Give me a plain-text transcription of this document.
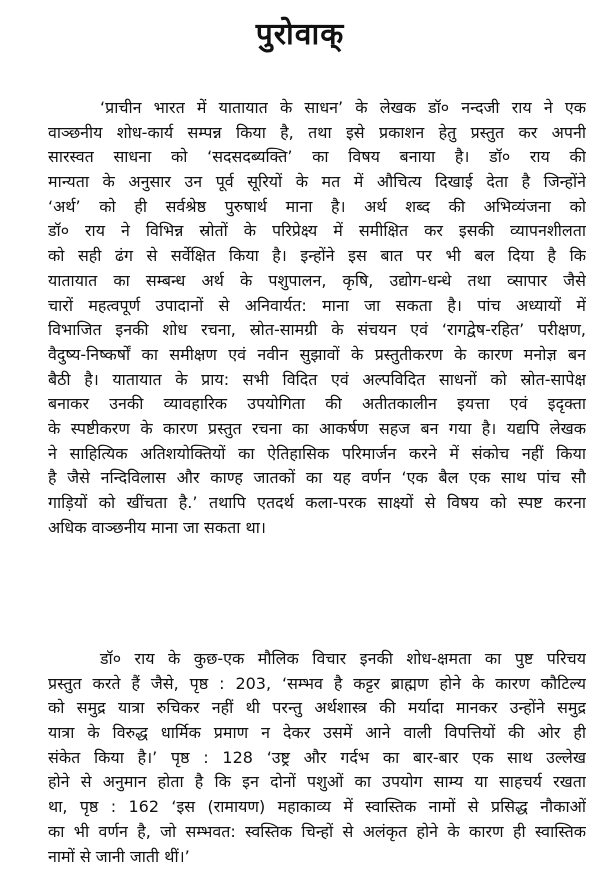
पुरोवाक्
‘प्राचीन भारत में यातायात के साधन’ के लेखक डॉ० नन्दजी राय ने एक
वाञ्छनीय शोध-कार्य सम्पन्न किया है, तथा इसे प्रकाशन हेतु प्रस्तुत कर अपनी
सारस्वत साधना को ‘सदसदब्यक्ति’ का विषय बनाया है। डॉ० राय की
मान्यता के अनुसार उन पूर्व सूरियों के मत में औचित्य दिखाई देता है जिन्होंने
‘अर्थ’ को ही सर्वश्रेष्ठ पुरुषार्थ माना है। अर्थ शब्द की अभिव्यंजना को
डॉ० राय ने विभिन्न स्रोतों के परिप्रेक्ष्य में समीक्षित कर इसकी व्यापनशीलता
को सही ढंग से सर्वेक्षित किया है। इन्होंने इस बात पर भी बल दिया है कि
यातायात का सम्बन्ध अर्थ के पशुपालन, कृषि, उद्योग-धन्धे तथा व्सापार जैसे
चारों महत्वपूर्ण उपादानों से अनिवार्यत: माना जा सकता है। पांच अध्यायों में
विभाजित इनकी शोध रचना, स्रोत-सामग्री के संचयन एवं ‘रागद्वेष-रहित’ परीक्षण,
वैदुष्य-निष्कर्षों का समीक्षण एवं नवीन सुझावों के प्रस्तुतीकरण के कारण मनोज्ञ बन
बैठी है। यातायात के प्राय: सभी विदित एवं अल्पविदित साधनों को स्रोत-सापेक्ष
बनाकर उनकी व्यावहारिक उपयोगिता की अतीतकालीन इयत्ता एवं इदृक्ता
के स्पष्टीकरण के कारण प्रस्तुत रचना का आकर्षण सहज बन गया है। यद्यपि लेखक
ने साहित्यिक अतिशयोक्तियों का ऐतिहासिक परिमार्जन करने में संकोच नहीं किया
है जैसे नन्दिविलास और काण्ह जातकों का यह वर्णन ‘एक बैल एक साथ पांच सौ
गाड़ियों को खींचता है.’ तथापि एतदर्थ कला-परक साक्ष्यों से विषय को स्पष्ट करना
अधिक वाञ्छनीय माना जा सकता था।
डॉ० राय के कुछ-एक मौलिक विचार इनकी शोध-क्षमता का पुष्ट परिचय
प्रस्तुत करते हैं जैसे, पृष्ठ : 203, ‘सम्भव है कट्टर ब्राह्मण होने के कारण कौटिल्य
को समुद्र यात्रा रुचिकर नहीं थी परन्तु अर्थशास्त्र की मर्यादा मानकर उन्होंने समुद्र
यात्रा के विरुद्ध धार्मिक प्रमाण न देकर उसमें आने वाली विपत्तियों की ओर ही
संकेत किया है।’ पृष्ठ : 128 ‘उष्ट्र और गर्दभ का बार-बार एक साथ उल्लेख
होने से अनुमान होता है कि इन दोनों पशुओं का उपयोग साम्य या साहचर्य रखता
था, पृष्ठ : 162 ‘इस (रामायण) महाकाव्य में स्वास्तिक नामों से प्रसिद्ध नौकाओं
का भी वर्णन है, जो सम्भवत: स्वस्तिक चिन्हों से अलंकृत होने के कारण ही स्वास्तिक
नामों से जानी जाती थीं।’
